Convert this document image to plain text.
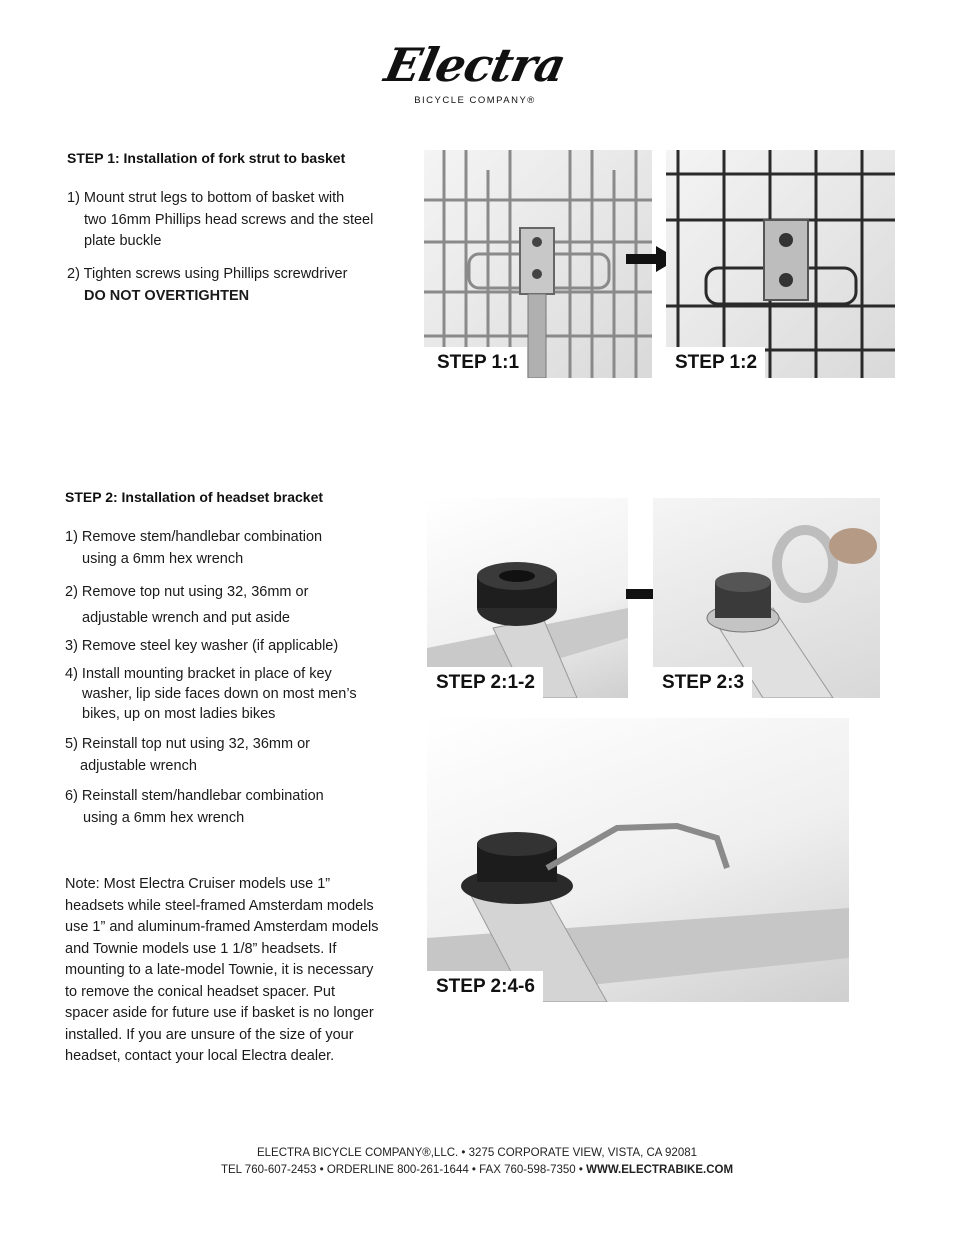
Electra
BICYCLE COMPANY®
STEP 1: Installation of fork strut to basket
1) Mount strut legs to bottom of basket with
two 16mm Phillips head screws and the steel
plate buckle
2) Tighten screws using Phillips screwdriver
DO NOT OVERTIGHTEN
STEP 1:1	STEP 1:2
STEP 2: Installation of headset bracket
1) Remove stem/handlebar combination
using a 6mm hex wrench
2) Remove top nut using 32, 36mm or
adjustable wrench and put aside
3) Remove steel key washer (if applicable)
4) Install mounting bracket in place of key
washer, lip side faces down on most men’s
bikes, up on most ladies bikes
5) Reinstall top nut using 32, 36mm or
adjustable wrench
6) Reinstall stem/handlebar combination
using a 6mm hex wrench
Note: Most Electra Cruiser models use 1”
headsets while steel-framed Amsterdam models
use 1” and aluminum-framed Amsterdam models
and Townie models use 1 1/8” headsets. If
mounting to a late-model Townie, it is necessary
to remove the conical headset spacer. Put
spacer aside for future use if basket is no longer
installed. If you are unsure of the size of your
headset, contact your local Electra dealer.
STEP 2:1-2	STEP 2:3
STEP 2:4-6
ELECTRA BICYCLE COMPANY®,LLC. • 3275 CORPORATE VIEW, VISTA, CA 92081
TEL 760-607-2453 • ORDERLINE 800-261-1644 • FAX 760-598-7350 • WWW.ELECTRABIKE.COM
